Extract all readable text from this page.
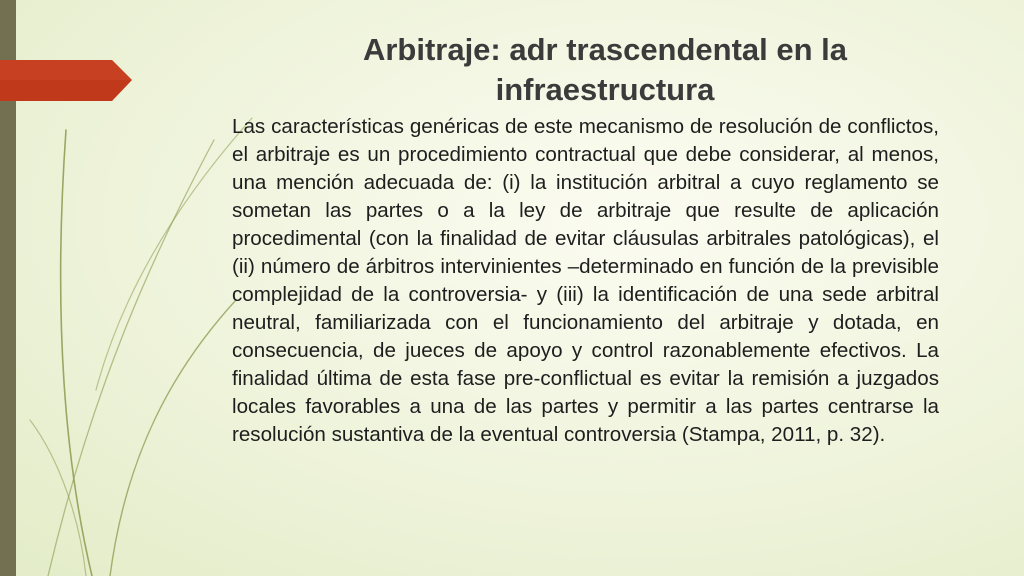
Arbitraje: adr trascendental en la infraestructura

Las características genéricas de este mecanismo de resolución de conflictos, el arbitraje es un procedimiento contractual que debe considerar, al menos, una mención adecuada de: (i) la institución arbitral a cuyo reglamento se sometan las partes o a la ley de arbitraje que resulte de aplicación procedimental (con la finalidad de evitar cláusulas arbitrales patológicas), el (ii) número de árbitros intervinientes –determinado en función de la previsible complejidad de la controversia- y (iii) la identificación de una sede arbitral neutral, familiarizada con el funcionamiento del arbitraje y dotada, en consecuencia, de jueces de apoyo y control razonablemente efectivos. La finalidad última de esta fase pre-conflictual es evitar la remisión a juzgados locales favorables a una de las partes y permitir a las partes centrarse la resolución sustantiva de la eventual controversia (Stampa, 2011, p. 32).
